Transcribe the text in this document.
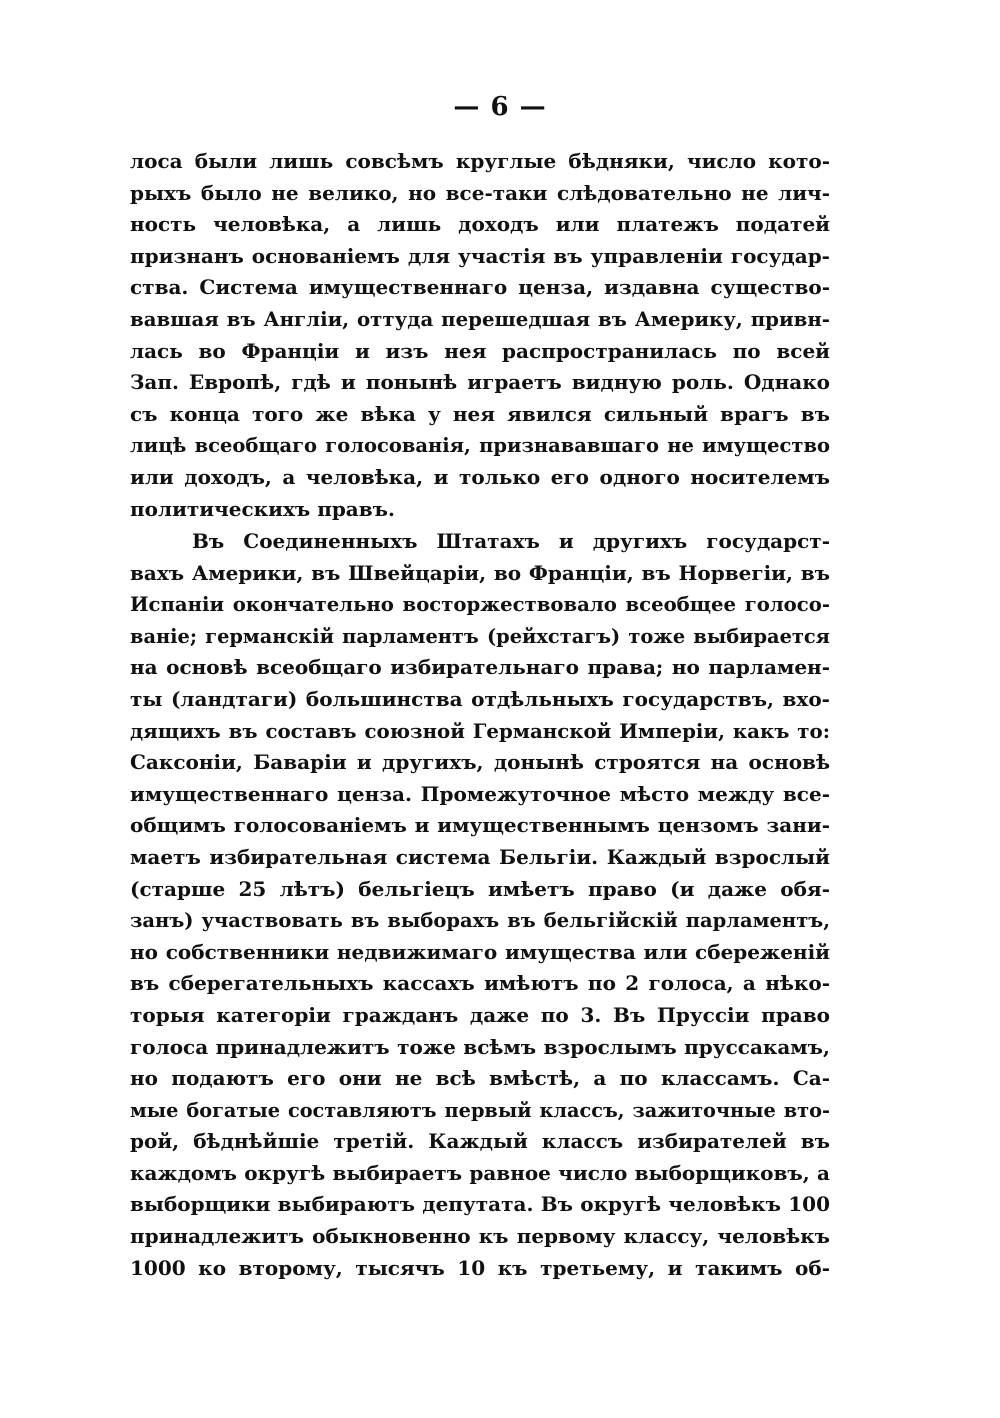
— 6 —
лоса были лишь совсѣмъ круглые бѣдняки, число кото-
рыхъ было не велико, но все-таки слѣдовательно не лич-
ность человѣка, а лишь доходъ или платежъ податей
признанъ основаніемъ для участія въ управленіи государ-
ства. Система имущественнаго ценза, издавна существо-
вавшая въ Англіи, оттуда перешедшая въ Америку, привн-
лась во Франціи и изъ нея распространилась по всей
Зап. Европѣ, гдѣ и понынѣ играетъ видную роль. Однако
съ конца того же вѣка у нея явился сильный врагъ въ
лицѣ всеобщаго голосованія, признававшаго не имущество
или доходъ, а человѣка, и только его одного носителемъ
политическихъ правъ.
Въ Соединенныхъ Штатахъ и другихъ государст-
вахъ Америки, въ Швейцаріи, во Франціи, въ Норвегіи, въ
Испаніи окончательно восторжествовало всеобщее голосо-
ваніе; германскій парламентъ (рейхстагъ) тоже выбирается
на основѣ всеобщаго избирательнаго права; но парламен-
ты (ландтаги) большинства отдѣльныхъ государствъ, вхо-
дящихъ въ составъ союзной Германской Имперіи, какъ то:
Саксоніи, Баваріи и другихъ, донынѣ строятся на основѣ
имущественнаго ценза. Промежуточное мѣсто между все-
общимъ голосованіемъ и имущественнымъ цензомъ зани-
маетъ избирательная система Бельгіи. Каждый взрослый
(старше 25 лѣтъ) бельгіецъ имѣетъ право (и даже обя-
занъ) участвовать въ выборахъ въ бельгійскій парламентъ,
но собственники недвижимаго имущества или сбереженій
въ сберегательныхъ кассахъ имѣютъ по 2 голоса, а нѣко-
торыя категоріи гражданъ даже по 3. Въ Пруссіи право
голоса принадлежитъ тоже всѣмъ взрослымъ пруссакамъ,
но подаютъ его они не всѣ вмѣстѣ, а по классамъ. Са-
мые богатые составляютъ первый классъ, зажиточные вто-
рой, бѣднѣйшіе третій. Каждый классъ избирателей въ
каждомъ округѣ выбираетъ равное число выборщиковъ, а
выборщики выбираютъ депутата. Въ округѣ человѣкъ 100
принадлежитъ обыкновенно къ первому классу, человѣкъ
1000 ко второму, тысячъ 10 къ третьему, и такимъ об-
